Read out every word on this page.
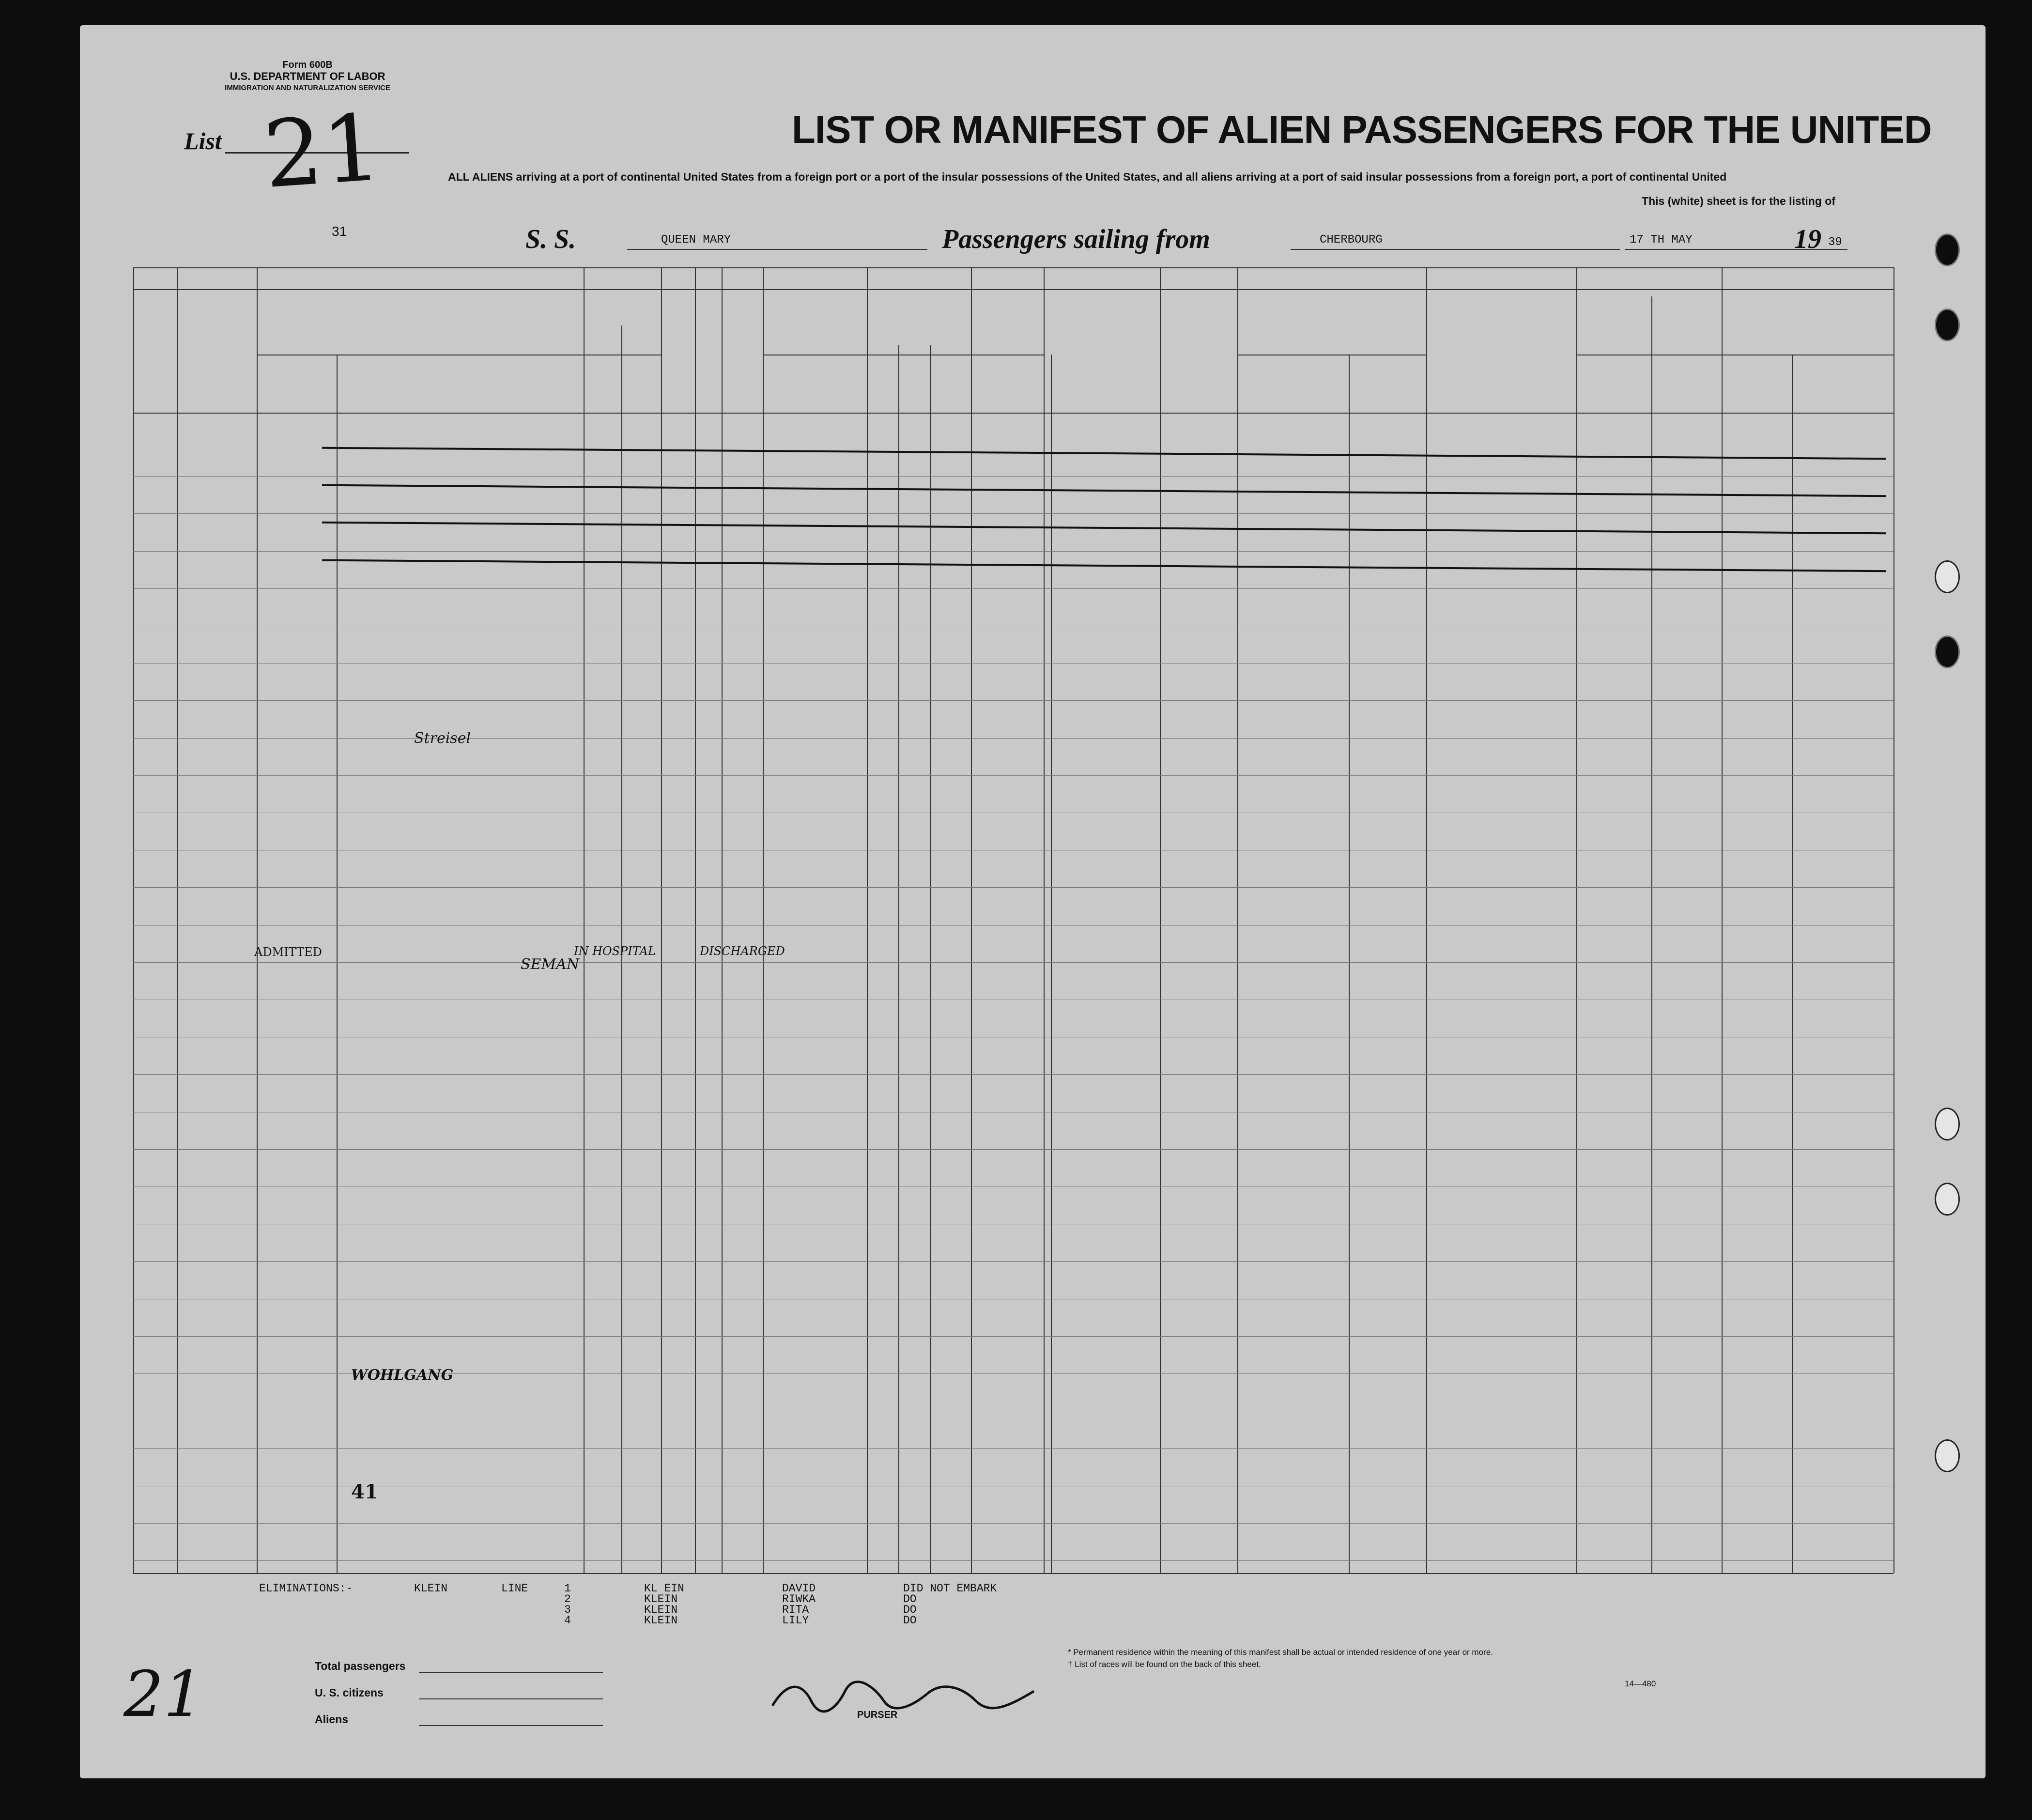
Form 600B
U.S. DEPARTMENT OF LABOR
IMMIGRATION AND NATURALIZATION SERVICE
List 21	LIST OR MANIFEST OF ALIEN PASSENGERS FOR THE UNITED
ALL ALIENS arriving at a port of continental United States from a foreign port or a port of the insular possessions of the United States, and all aliens arriving at a port of said insular possessions from a foreign port, a port of continental United
This (white) sheet is for the listing of
31	S. S.	QUEEN MARY	Passengers sailing from	CHERBOURG	17 TH MAY	19 39
ELIMINATIONS:-	KLEIN	LINE	1	KL EIN	DAVID	DID NOT EMBARK
2	KLEIN	RIWKA	DO
3	KLEIN	RITA	DO
4	KLEIN	LILY	DO
Total passengers
U. S. citizens
Aliens	PURSER
* Permanent residence within the meaning of this manifest shall be actual or intended residence of one year or more.
† List of races will be found on the back of this sheet.
14—480
21
ADMITTED	IN HOSPITAL	DISCHARGED
SEMAN
WOHLGANG
Streisel
41
